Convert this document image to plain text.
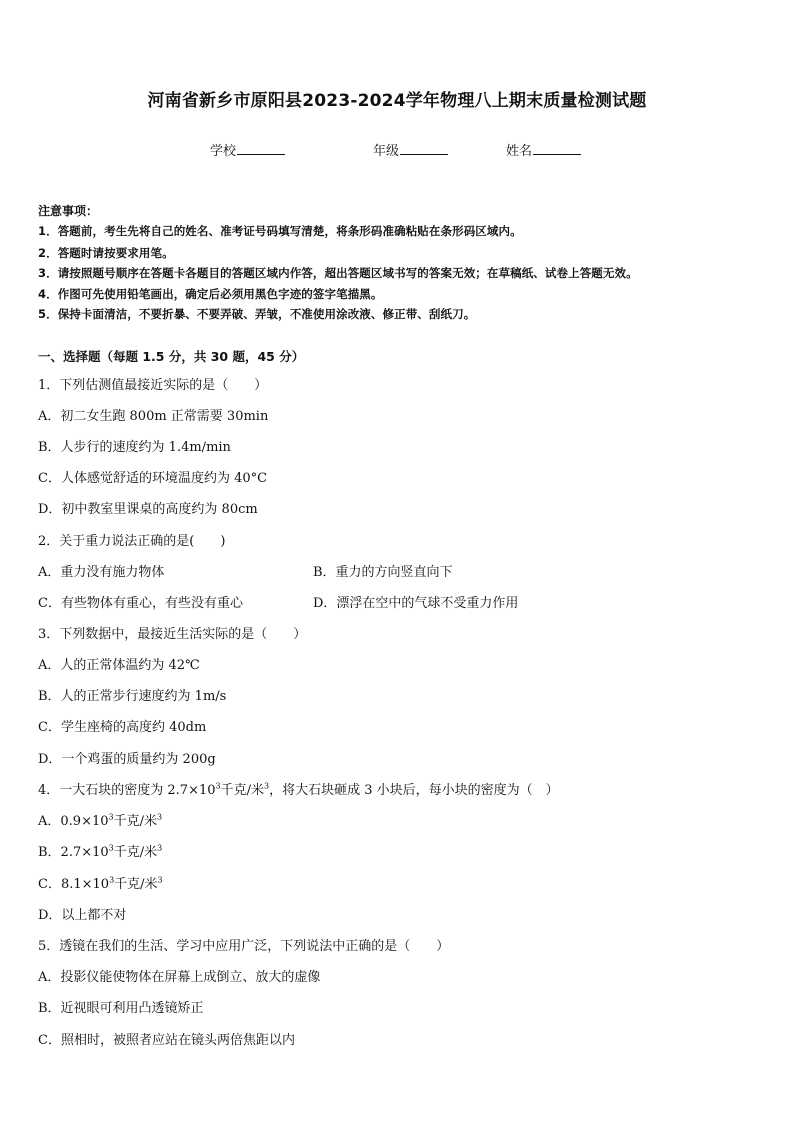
河南省新乡市原阳县2023-2024学年物理八上期末质量检测试题
学校	年级	姓名
注意事项：
1．答题前，考生先将自己的姓名、准考证号码填写清楚，将条形码准确粘贴在条形码区域内。
2．答题时请按要求用笔。
3．请按照题号顺序在答题卡各题目的答题区域内作答，超出答题区域书写的答案无效；在草稿纸、试卷上答题无效。
4．作图可先使用铅笔画出，确定后必须用黑色字迹的签字笔描黑。
5．保持卡面清洁，不要折暴、不要弄破、弄皱，不准使用涂改液、修正带、刮纸刀。
一、选择题（每题 1.5 分，共 30 题，45 分）
1．下列估测值最接近实际的是（　　）
A．初二女生跑 800m 正常需要 30min
B．人步行的速度约为 1.4m/min
C．人体感觉舒适的环境温度约为 40°C
D．初中教室里课桌的高度约为 80cm
2．关于重力说法正确的是(　　)
A．重力没有施力物体	B．重力的方向竖直向下
C．有些物体有重心，有些没有重心	D．漂浮在空中的气球不受重力作用
3．下列数据中，最接近生活实际的是（　　）
A．人的正常体温约为 42℃
B．人的正常步行速度约为 1m/s
C．学生座椅的高度约 40dm
D．一个鸡蛋的质量约为 200g
4．一大石块的密度为 $2.7\times 10^3$千克/米$^3$，将大石块砸成 3 小块后，每小块的密度为（　）
A．$0.9\times 10^3$千克/米$^3$
B．$2.7\times 10^3$千克/米$^3$
C．$8.1\times 10^3$千克/米$^3$
D．以上都不对
5．透镜在我们的生活、学习中应用广泛，下列说法中正确的是（　　）
A．投影仪能使物体在屏幕上成倒立、放大的虚像
B．近视眼可利用凸透镜矫正
C．照相时，被照者应站在镜头两倍焦距以内
